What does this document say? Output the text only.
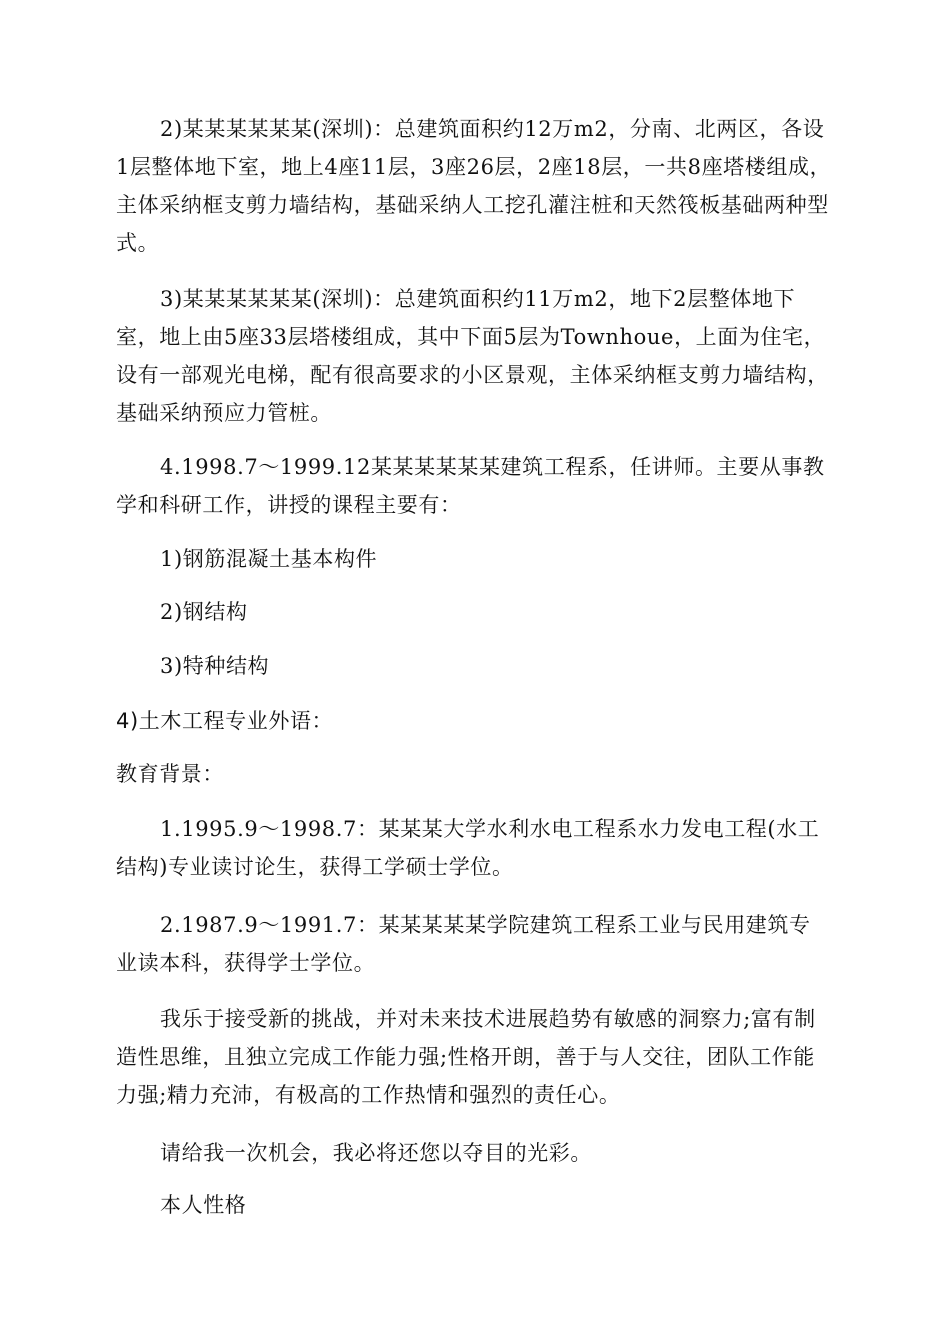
2)某某某某某某(深圳)：总建筑面积约12万m2，分南、北两区，各设1层整体地下室，地上4座11层，3座26层，2座18层，一共8座塔楼组成，主体采纳框支剪力墙结构，基础采纳人工挖孔灌注桩和天然筏板基础两种型式。

3)某某某某某某(深圳)：总建筑面积约11万m2，地下2层整体地下室，地上由5座33层塔楼组成，其中下面5层为Townhoue，上面为住宅，设有一部观光电梯，配有很高要求的小区景观，主体采纳框支剪力墙结构，基础采纳预应力管桩。

4.1998.7～1999.12某某某某某某建筑工程系，任讲师。主要从事教学和科研工作，讲授的课程主要有：

1)钢筋混凝土基本构件

2)钢结构

3)特种结构

4)土木工程专业外语：

教育背景：

1.1995.9～1998.7：某某某大学水利水电工程系水力发电工程(水工结构)专业读讨论生，获得工学硕士学位。

2.1987.9～1991.7：某某某某某学院建筑工程系工业与民用建筑专业读本科，获得学士学位。

我乐于接受新的挑战，并对未来技术进展趋势有敏感的洞察力;富有制造性思维，且独立完成工作能力强;性格开朗，善于与人交往，团队工作能力强;精力充沛，有极高的工作热情和强烈的责任心。

请给我一次机会，我必将还您以夺目的光彩。

本人性格
